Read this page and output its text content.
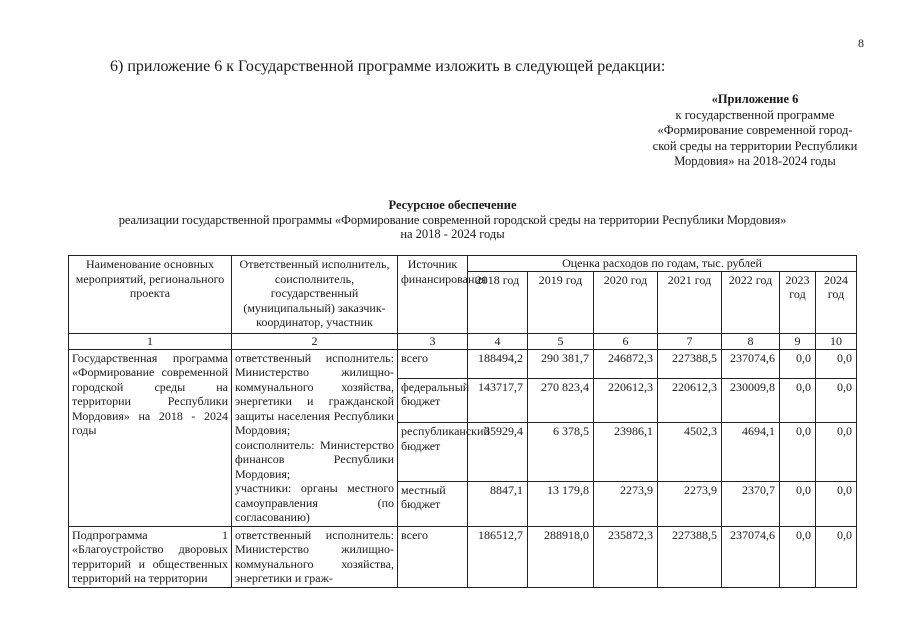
8
6) приложение 6 к Государственной программе изложить в следующей редакции:
«Приложение 6
к государственной программе
«Формирование современной город-
ской среды на территории Республики
Мордовия» на 2018-2024 годы
Ресурсное обеспечение
реализации государственной программы «Формирование современной городской среды на территории Республики Мордовия»
на 2018 - 2024 годы
Наименование основных мероприятий, регионального проекта	Ответственный исполнитель, соисполнитель, государственный (муниципальный) заказчик-координатор, участник	Источник финансирования	Оценка расходов по годам, тыс. рублей						
			2018 год	2019 год	2020 год	2021 год	2022 год	2023 год	2024 год
1	2	3	4	5	6	7	8	9	10
Государственная программа «Формирование современной городской среды на территории Республики Мордовия» на 2018 - 2024 годы	ответственный исполнитель: Министерство жилищно-коммунального хозяйства, энергетики и гражданской защиты населения Республики Мордовия;
соисполнитель: Министерство финансов Республики Мордовия;
участники: органы местного самоуправления (по согласованию)	всего	188494,2	290 381,7	246872,3	227388,5	237074,6	0,0	0,0
		федеральный бюджет	143717,7	270 823,4	220612,3	220612,3	230009,8	0,0	0,0
		республиканский бюджет	35929,4	6 378,5	23986,1	4502,3	4694,1	0,0	0,0
		местный бюджет	8847,1	13 179,8	2273,9	2273,9	2370,7	0,0	0,0
Подпрограмма 1 «Благоустройство дворовых территорий и общественных территорий на территории	ответственный исполнитель: Министерство жилищно-коммунального хозяйства, энергетики и граж-	всего	186512,7	288918,0	235872,3	227388,5	237074,6	0,0	0,0
